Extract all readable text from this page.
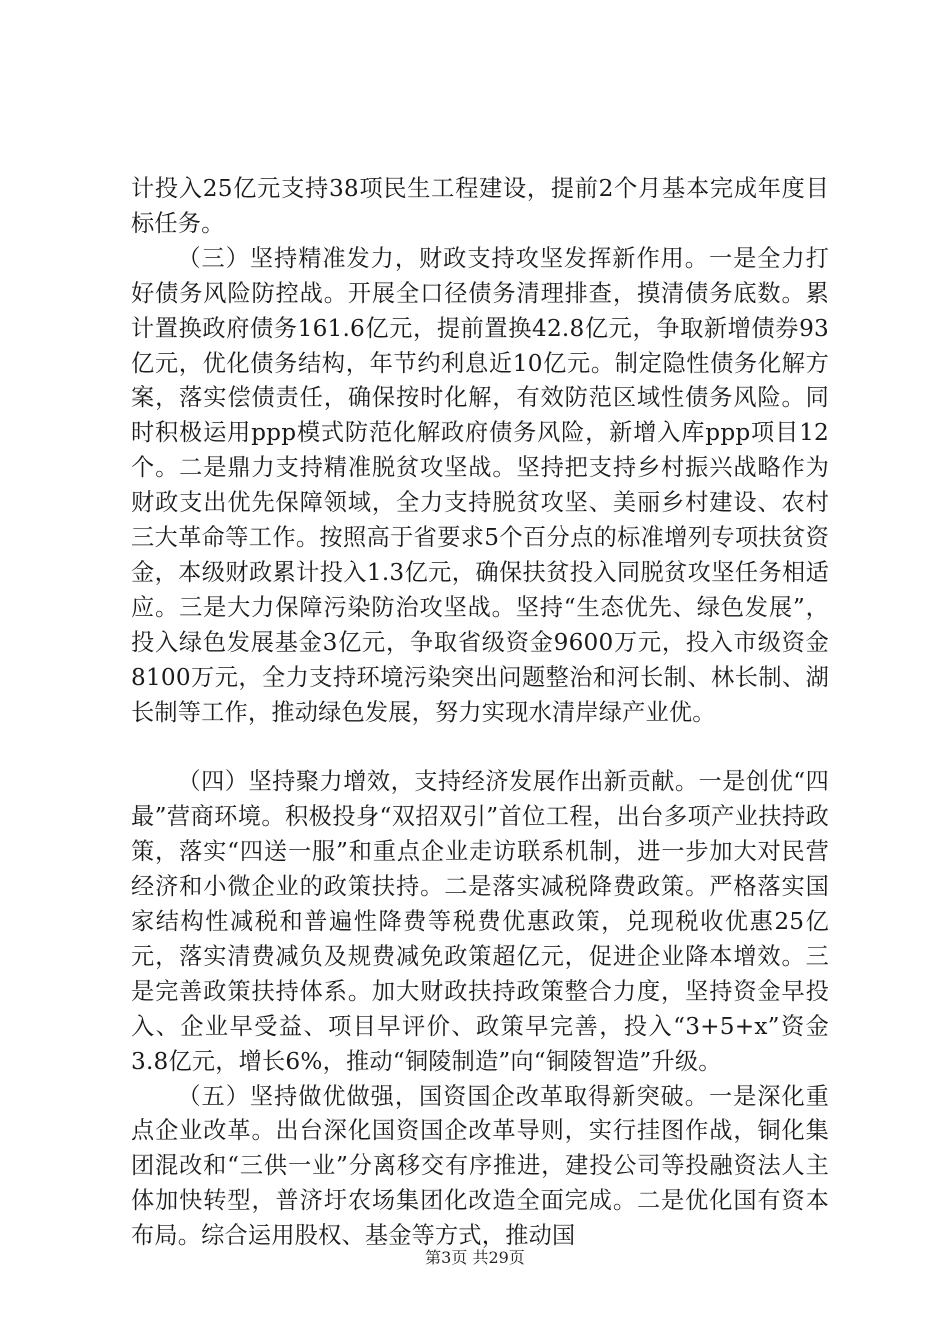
计投入25亿元支持38项民生工程建设，提前2个月基本完成年度目标任务。

（三）坚持精准发力，财政支持攻坚发挥新作用。一是全力打好债务风险防控战。开展全口径债务清理排查，摸清债务底数。累计置换政府债务161.6亿元，提前置换42.8亿元，争取新增债券93亿元，优化债务结构，年节约利息近10亿元。制定隐性债务化解方案，落实偿债责任，确保按时化解，有效防范区域性债务风险。同时积极运用ppp模式防范化解政府债务风险，新增入库ppp项目12个。二是鼎力支持精准脱贫攻坚战。坚持把支持乡村振兴战略作为财政支出优先保障领域，全力支持脱贫攻坚、美丽乡村建设、农村三大革命等工作。按照高于省要求5个百分点的标准增列专项扶贫资金，本级财政累计投入1.3亿元，确保扶贫投入同脱贫攻坚任务相适应。三是大力保障污染防治攻坚战。坚持“生态优先、绿色发展”，投入绿色发展基金3亿元，争取省级资金9600万元，投入市级资金8100万元，全力支持环境污染突出问题整治和河长制、林长制、湖长制等工作，推动绿色发展，努力实现水清岸绿产业优。

（四）坚持聚力增效，支持经济发展作出新贡献。一是创优“四最”营商环境。积极投身“双招双引”首位工程，出台多项产业扶持政策，落实“四送一服”和重点企业走访联系机制，进一步加大对民营经济和小微企业的政策扶持。二是落实减税降费政策。严格落实国家结构性减税和普遍性降费等税费优惠政策，兑现税收优惠25亿元，落实清费减负及规费减免政策超亿元，促进企业降本增效。三是完善政策扶持体系。加大财政扶持政策整合力度，坚持资金早投入、企业早受益、项目早评价、政策早完善，投入“3+5+x”资金3.8亿元，增长6%，推动“铜陵制造”向“铜陵智造”升级。

（五）坚持做优做强，国资国企改革取得新突破。一是深化重点企业改革。出台深化国资国企改革导则，实行挂图作战，铜化集团混改和“三供一业”分离移交有序推进，建投公司等投融资法人主体加快转型，普济圩农场集团化改造全面完成。二是优化国有资本布局。综合运用股权、基金等方式，推动国

第3页 共29页
